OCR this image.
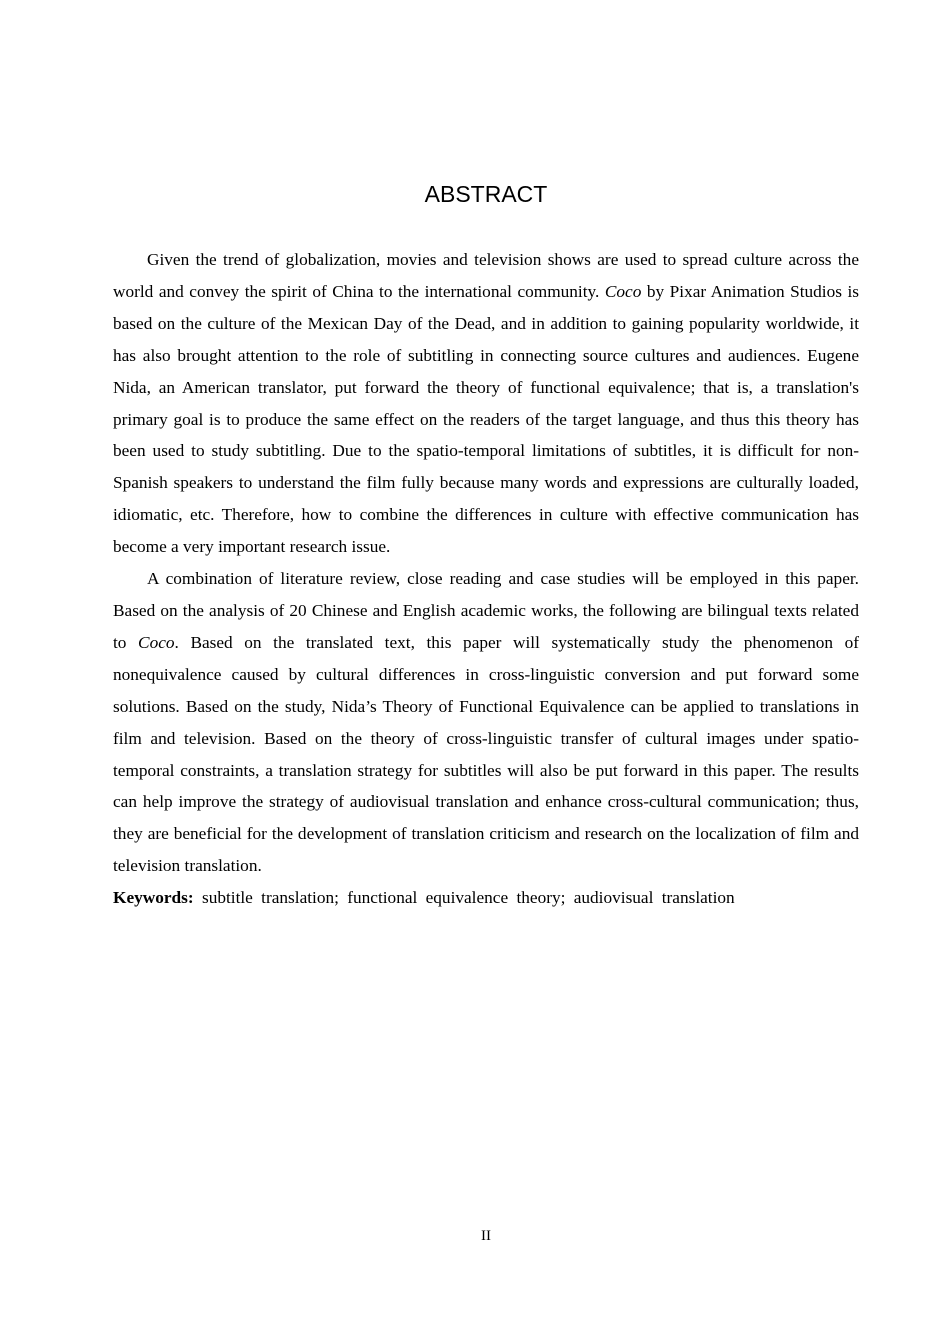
ABSTRACT

Given the trend of globalization, movies and television shows are used to spread culture across the world and convey the spirit of China to the international community. Coco by Pixar Animation Studios is based on the culture of the Mexican Day of the Dead, and in addition to gaining popularity worldwide, it has also brought attention to the role of subtitling in connecting source cultures and audiences. Eugene Nida, an American translator, put forward the theory of functional equivalence; that is, a translation's primary goal is to produce the same effect on the readers of the target language, and thus this theory has been used to study subtitling. Due to the spatio-temporal limitations of subtitles, it is difficult for non-Spanish speakers to understand the film fully because many words and expressions are culturally loaded, idiomatic, etc. Therefore, how to combine the differences in culture with effective communication has become a very important research issue.

A combination of literature review, close reading and case studies will be employed in this paper. Based on the analysis of 20 Chinese and English academic works, the following are bilingual texts related to Coco. Based on the translated text, this paper will systematically study the phenomenon of nonequivalence caused by cultural differences in cross-linguistic conversion and put forward some solutions. Based on the study, Nida’s Theory of Functional Equivalence can be applied to translations in film and television. Based on the theory of cross-linguistic transfer of cultural images under spatio-temporal constraints, a translation strategy for subtitles will also be put forward in this paper. The results can help improve the strategy of audiovisual translation and enhance cross-cultural communication; thus, they are beneficial for the development of translation criticism and research on the localization of film and television translation.

Keywords: subtitle translation; functional equivalence theory; audiovisual translation

II
